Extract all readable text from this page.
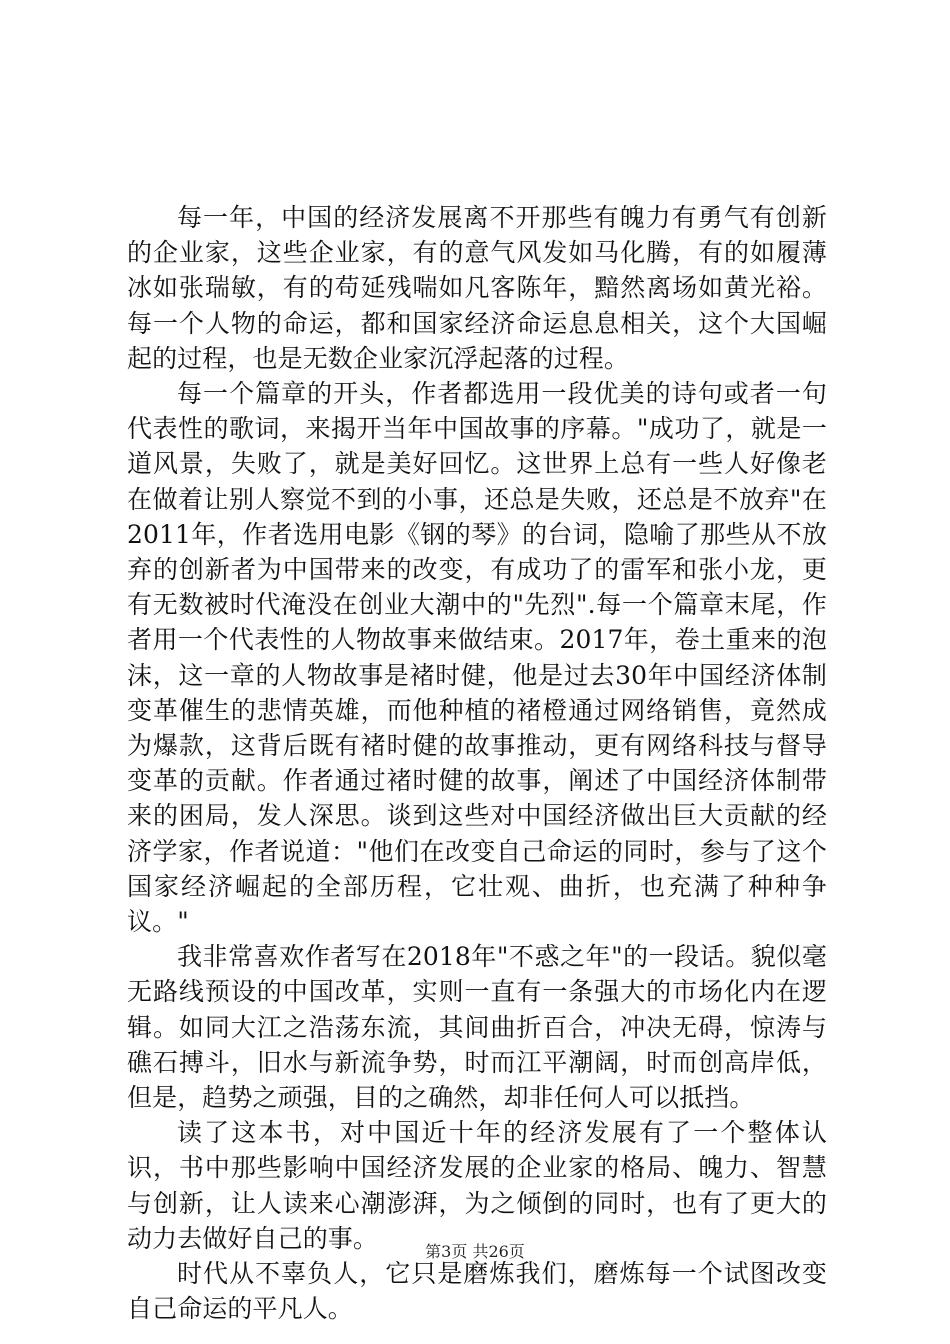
每一年，中国的经济发展离不开那些有魄力有勇气有创新的企业家，这些企业家，有的意气风发如马化腾，有的如履薄冰如张瑞敏，有的苟延残喘如凡客陈年，黯然离场如黄光裕。每一个人物的命运，都和国家经济命运息息相关，这个大国崛起的过程，也是无数企业家沉浮起落的过程。

每一个篇章的开头，作者都选用一段优美的诗句或者一句代表性的歌词，来揭开当年中国故事的序幕。"成功了，就是一道风景，失败了，就是美好回忆。这世界上总有一些人好像老在做着让别人察觉不到的小事，还总是失败，还总是不放弃"在2011年，作者选用电影《钢的琴》的台词，隐喻了那些从不放弃的创新者为中国带来的改变，有成功了的雷军和张小龙，更有无数被时代淹没在创业大潮中的"先烈".每一个篇章末尾，作者用一个代表性的人物故事来做结束。2017年，卷土重来的泡沫，这一章的人物故事是褚时健，他是过去30年中国经济体制变革催生的悲情英雄，而他种植的褚橙通过网络销售，竟然成为爆款，这背后既有褚时健的故事推动，更有网络科技与督导变革的贡献。作者通过褚时健的故事，阐述了中国经济体制带来的困局，发人深思。谈到这些对中国经济做出巨大贡献的经济学家，作者说道："他们在改变自己命运的同时，参与了这个国家经济崛起的全部历程，它壮观、曲折，也充满了种种争议。"

我非常喜欢作者写在2018年"不惑之年"的一段话。貌似毫无路线预设的中国改革，实则一直有一条强大的市场化内在逻辑。如同大江之浩荡东流，其间曲折百合，冲决无碍，惊涛与礁石搏斗，旧水与新流争势，时而江平潮阔，时而创高岸低，但是，趋势之顽强，目的之确然，却非任何人可以抵挡。

读了这本书，对中国近十年的经济发展有了一个整体认识，书中那些影响中国经济发展的企业家的格局、魄力、智慧与创新，让人读来心潮澎湃，为之倾倒的同时，也有了更大的动力去做好自己的事。

时代从不辜负人，它只是磨炼我们，磨炼每一个试图改变自己命运的平凡人。

第3页 共26页
